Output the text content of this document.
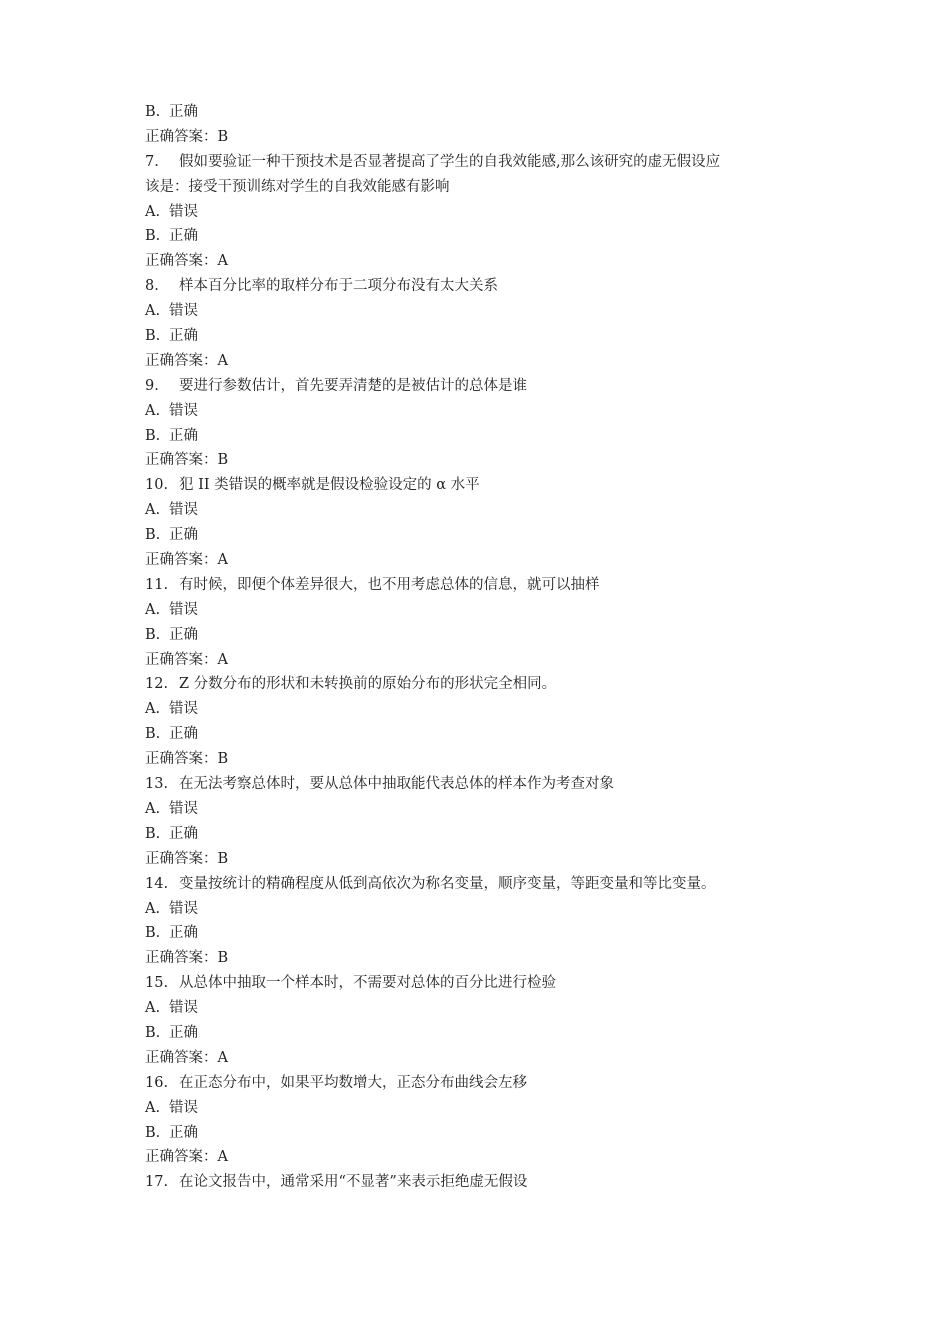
B. 正确
正确答案：B
7. 假如要验证一种干预技术是否显著提高了学生的自我效能感,那么该研究的虚无假设应
该是：接受干预训练对学生的自我效能感有影响
A. 错误
B. 正确
正确答案：A
8. 样本百分比率的取样分布于二项分布没有太大关系
A. 错误
B. 正确
正确答案：A
9. 要进行参数估计，首先要弄清楚的是被估计的总体是谁
A. 错误
B. 正确
正确答案：B
10. 犯 II 类错误的概率就是假设检验设定的 α 水平
A. 错误
B. 正确
正确答案：A
11. 有时候，即便个体差异很大，也不用考虑总体的信息，就可以抽样
A. 错误
B. 正确
正确答案：A
12. Z 分数分布的形状和未转换前的原始分布的形状完全相同。
A. 错误
B. 正确
正确答案：B
13. 在无法考察总体时，要从总体中抽取能代表总体的样本作为考查对象
A. 错误
B. 正确
正确答案：B
14. 变量按统计的精确程度从低到高依次为称名变量，顺序变量，等距变量和等比变量。
A. 错误
B. 正确
正确答案：B
15. 从总体中抽取一个样本时，不需要对总体的百分比进行检验
A. 错误
B. 正确
正确答案：A
16. 在正态分布中，如果平均数增大，正态分布曲线会左移
A. 错误
B. 正确
正确答案：A
17. 在论文报告中，通常采用“不显著”来表示拒绝虚无假设
